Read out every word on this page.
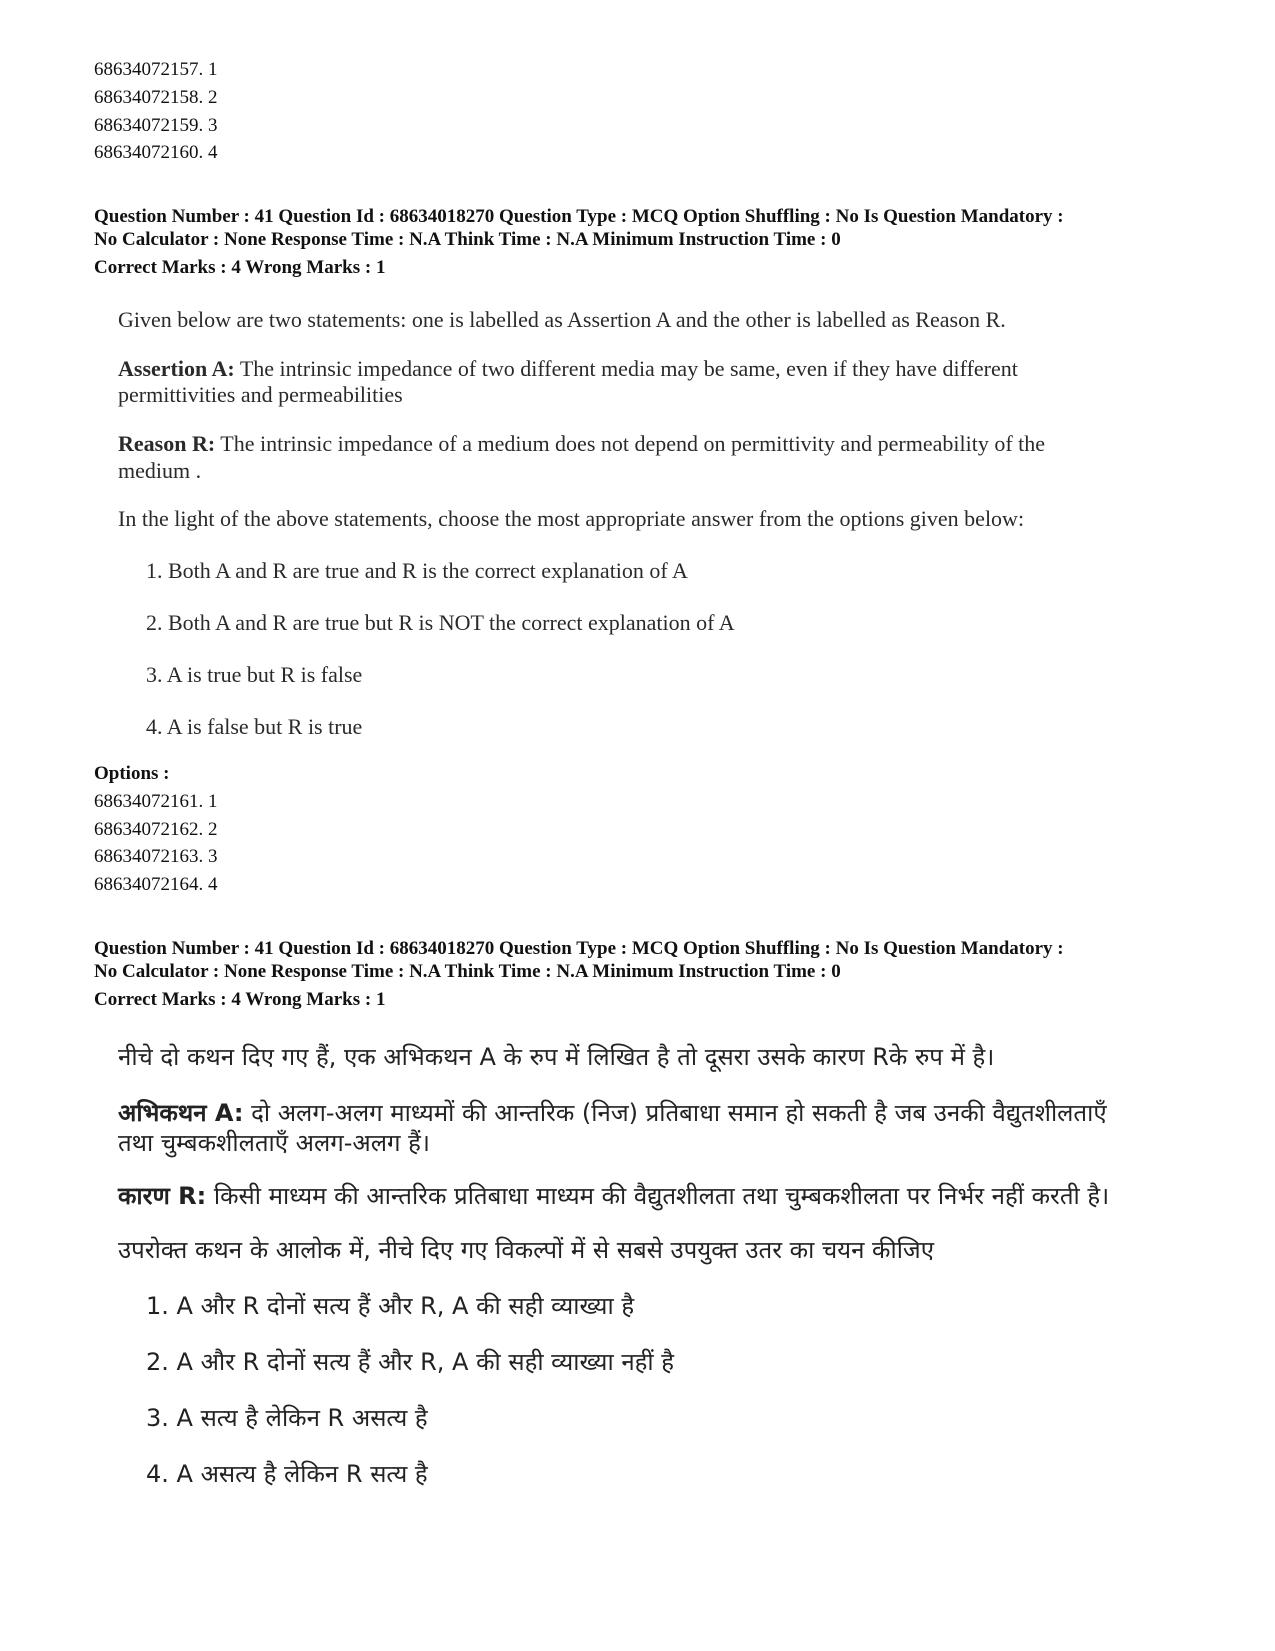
68634072157. 1
68634072158. 2
68634072159. 3
68634072160. 4
Question Number : 41 Question Id : 68634018270 Question Type : MCQ Option Shuffling : No Is Question Mandatory :
No Calculator : None Response Time : N.A Think Time : N.A Minimum Instruction Time : 0
Correct Marks : 4 Wrong Marks : 1
Given below are two statements: one is labelled as Assertion A and the other is labelled as Reason R.
Assertion A: The intrinsic impedance of two different media may be same, even if they have different
permittivities and permeabilities
Reason R: The intrinsic impedance of a medium does not depend on permittivity and permeability of the
medium .
In the light of the above statements, choose the most appropriate answer from the options given below:
1. Both A and R are true and R is the correct explanation of A
2. Both A and R are true but R is NOT the correct explanation of A
3. A is true but R is false
4. A is false but R is true
Options :
68634072161. 1
68634072162. 2
68634072163. 3
68634072164. 4
Question Number : 41 Question Id : 68634018270 Question Type : MCQ Option Shuffling : No Is Question Mandatory :
No Calculator : None Response Time : N.A Think Time : N.A Minimum Instruction Time : 0
Correct Marks : 4 Wrong Marks : 1
नीचे दो कथन दिए गए हैं, एक अभिकथन A के रुप में लिखित है तो दूसरा उसके कारण Rके रुप में है।
अभिकथन A: दो अलग-अलग माध्यमों की आन्तरिक (निज) प्रतिबाधा समान हो सकती है जब उनकी वैद्युतशीलताएँ
तथा चुम्बकशीलताएँ अलग-अलग हैं।
कारण R: किसी माध्यम की आन्तरिक प्रतिबाधा माध्यम की वैद्युतशीलता तथा चुम्बकशीलता पर निर्भर नहीं करती है।
उपरोक्त कथन के आलोक में, नीचे दिए गए विकल्पों में से सबसे उपयुक्त उतर का चयन कीजिए
1. A और R दोनों सत्य हैं और R, A की सही व्याख्या है
2. A और R दोनों सत्य हैं और R, A की सही व्याख्या नहीं है
3. A सत्य है लेकिन R असत्य है
4. A असत्य है लेकिन R सत्य है
